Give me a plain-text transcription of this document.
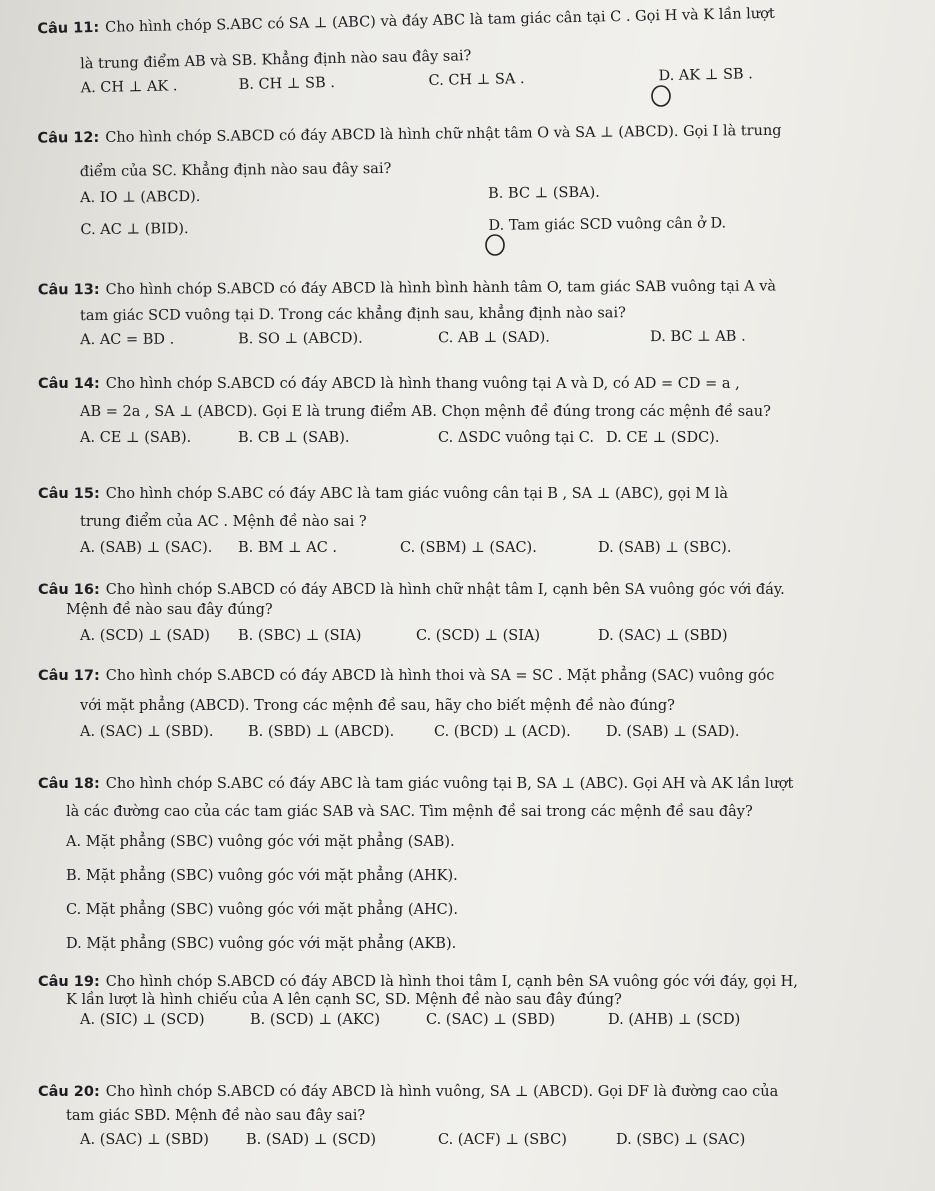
Câu 11: Cho hình chóp S.ABC có SA ⊥ (ABC) và đáy ABC là tam giác cân tại C . Gọi H và K lần lượt
là trung điểm AB và SB. Khẳng định nào sau đây sai?
A. CH ⊥ AK .	B. CH ⊥ SB .	C. CH ⊥ SA .	D. AK ⊥ SB .
Câu 12: Cho hình chóp S.ABCD có đáy ABCD là hình chữ nhật tâm O và SA ⊥ (ABCD). Gọi I là trung
điểm của SC. Khẳng định nào sau đây sai?
A. IO ⊥ (ABCD).	B. BC ⊥ (SBA).
C. AC ⊥ (BID).	D. Tam giác SCD vuông cân ở D.
Câu 13: Cho hình chóp S.ABCD có đáy ABCD là hình bình hành tâm O, tam giác SAB vuông tại A và
tam giác SCD vuông tại D. Trong các khẳng định sau, khẳng định nào sai?
A. AC = BD .	B. SO ⊥ (ABCD).	C. AB ⊥ (SAD).	D. BC ⊥ AB .
Câu 14: Cho hình chóp S.ABCD có đáy ABCD là hình thang vuông tại A và D, có AD = CD = a ,
AB = 2a , SA ⊥ (ABCD). Gọi E là trung điểm AB. Chọn mệnh đề đúng trong các mệnh đề sau?
A. CE ⊥ (SAB).	B. CB ⊥ (SAB).	C. ΔSDC vuông tại C. D. CE ⊥ (SDC).
Câu 15: Cho hình chóp S.ABC có đáy ABC là tam giác vuông cân tại B , SA ⊥ (ABC), gọi M là
trung điểm của AC . Mệnh đề nào sai ?
A. (SAB) ⊥ (SAC). B. BM ⊥ AC .	C. (SBM) ⊥ (SAC).	D. (SAB) ⊥ (SBC).
Câu 16: Cho hình chóp S.ABCD có đáy ABCD là hình chữ nhật tâm I, cạnh bên SA vuông góc với đáy.
Mệnh đề nào sau đây đúng?
A. (SCD) ⊥ (SAD) B. (SBC) ⊥ (SIA)	C. (SCD) ⊥ (SIA)	D. (SAC) ⊥ (SBD)
Câu 17: Cho hình chóp S.ABCD có đáy ABCD là hình thoi và SA = SC . Mặt phẳng (SAC) vuông góc
với mặt phẳng (ABCD). Trong các mệnh đề sau, hãy cho biết mệnh đề nào đúng?
A. (SAC) ⊥ (SBD). B. (SBD) ⊥ (ABCD).	C. (BCD) ⊥ (ACD). D. (SAB) ⊥ (SAD).
Câu 18: Cho hình chóp S.ABC có đáy ABC là tam giác vuông tại B, SA ⊥ (ABC). Gọi AH và AK lần lượt
là các đường cao của các tam giác SAB và SAC. Tìm mệnh đề sai trong các mệnh đề sau đây?
A. Mặt phẳng (SBC) vuông góc với mặt phẳng (SAB).
B. Mặt phẳng (SBC) vuông góc với mặt phẳng (AHK).
C. Mặt phẳng (SBC) vuông góc với mặt phẳng (AHC).
D. Mặt phẳng (SBC) vuông góc với mặt phẳng (AKB).
Câu 19: Cho hình chóp S.ABCD có đáy ABCD là hình thoi tâm I, cạnh bên SA vuông góc với đáy, gọi H,
K lần lượt là hình chiếu của A lên cạnh SC, SD. Mệnh đề nào sau đây đúng?
A. (SIC) ⊥ (SCD)	B. (SCD) ⊥ (AKC)	C. (SAC) ⊥ (SBD)	D. (AHB) ⊥ (SCD)
Câu 20: Cho hình chóp S.ABCD có đáy ABCD là hình vuông, SA ⊥ (ABCD). Gọi DF là đường cao của
tam giác SBD. Mệnh đề nào sau đây sai?
A. (SAC) ⊥ (SBD)	B. (SAD) ⊥ (SCD)	C. (ACF) ⊥ (SBC)	D. (SBC) ⊥ (SAC)
